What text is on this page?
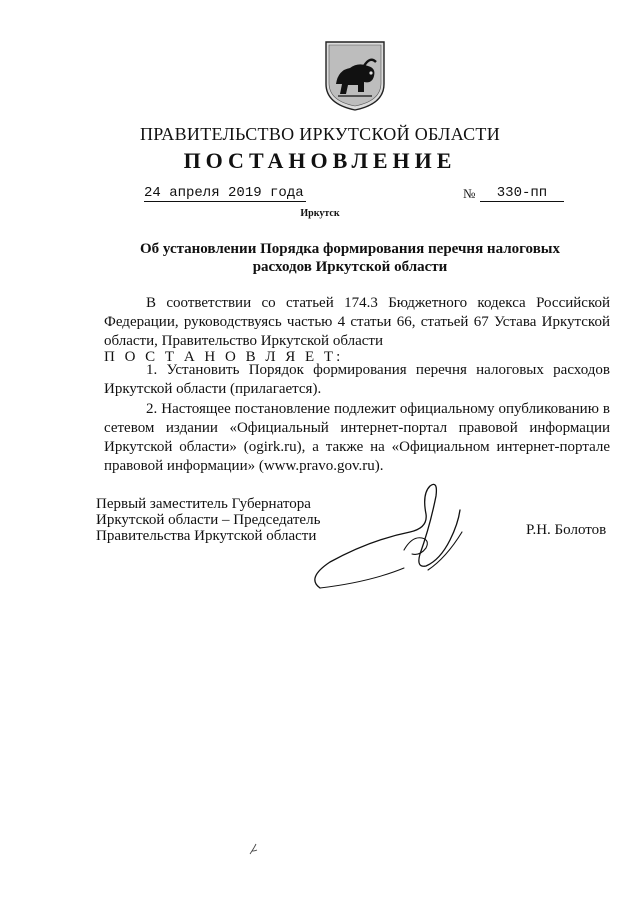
ПРАВИТЕЛЬСТВО ИРКУТСКОЙ ОБЛАСТИ
ПОСТАНОВЛЕНИЕ
24 апреля 2019 года	№	330-пп
Иркутск
Об установлении Порядка формирования перечня налоговых расходов Иркутской области
В соответствии со статьей 174.3 Бюджетного кодекса Российской Федерации, руководствуясь частью 4 статьи 66, статьей 67 Устава Иркутской области, Правительство Иркутской области
П О С Т А Н О В Л Я Е Т:
1. Установить Порядок формирования перечня налоговых расходов Иркутской области (прилагается).
2. Настоящее постановление подлежит официальному опубликованию в сетевом издании «Официальный интернет-портал правовой информации Иркутской области» (ogirk.ru), а также на «Официальном интернет-портале правовой информации» (www.pravo.gov.ru).
Первый заместитель Губернатора
Иркутской области – Председатель
Правительства Иркутской области	Р.Н. Болотов
